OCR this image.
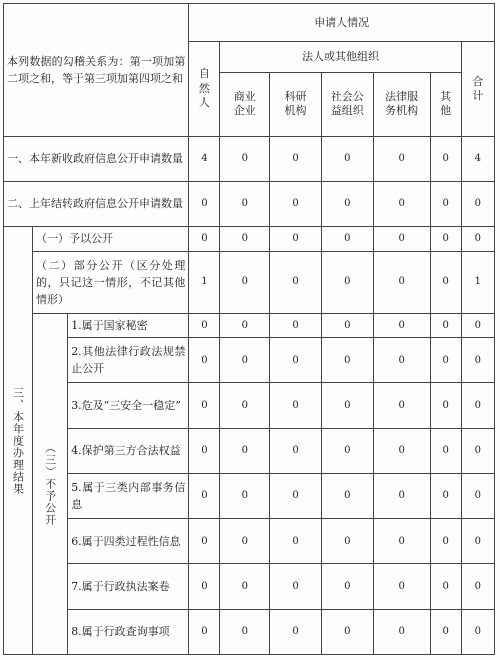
本列数据的勾稽关系为：第一项加第二项之和，等于第三项加第四项之和			申请人情况						

			自
然
人	法人或其他组织					合
计

				商业
企业	科研
机构	社会公
益组织	法律服
务机构	其
他	

一、本年新收政府信息公开申请数量			4	0	0	0	0	0	4
二、上年结转政府信息公开申请数量			0	0	0	0	0	0	0
三、本年度办理结果	（一）予以公开		0	0	0	0	0	0	0
	（二）部分公开（区分处理的，只记这一情形，不记其他情形）		1	0	0	0	0	0	1
	（三）不予公开	1.属于国家秘密	0	0	0	0	0	0	0
		2.其他法律行政法规禁止公开	0	0	0	0	0	0	0
		3.危及“三安全一稳定”	0	0	0	0	0	0	0
		4.保护第三方合法权益	0	0	0	0	0	0	0
		5.属于三类内部事务信息	0	0	0	0	0	0	0
		6.属于四类过程性信息	0	0	0	0	0	0	0
		7.属于行政执法案卷	0	0	0	0	0	0	0
		8.属于行政查询事项	0	0	0	0	0	0	0
